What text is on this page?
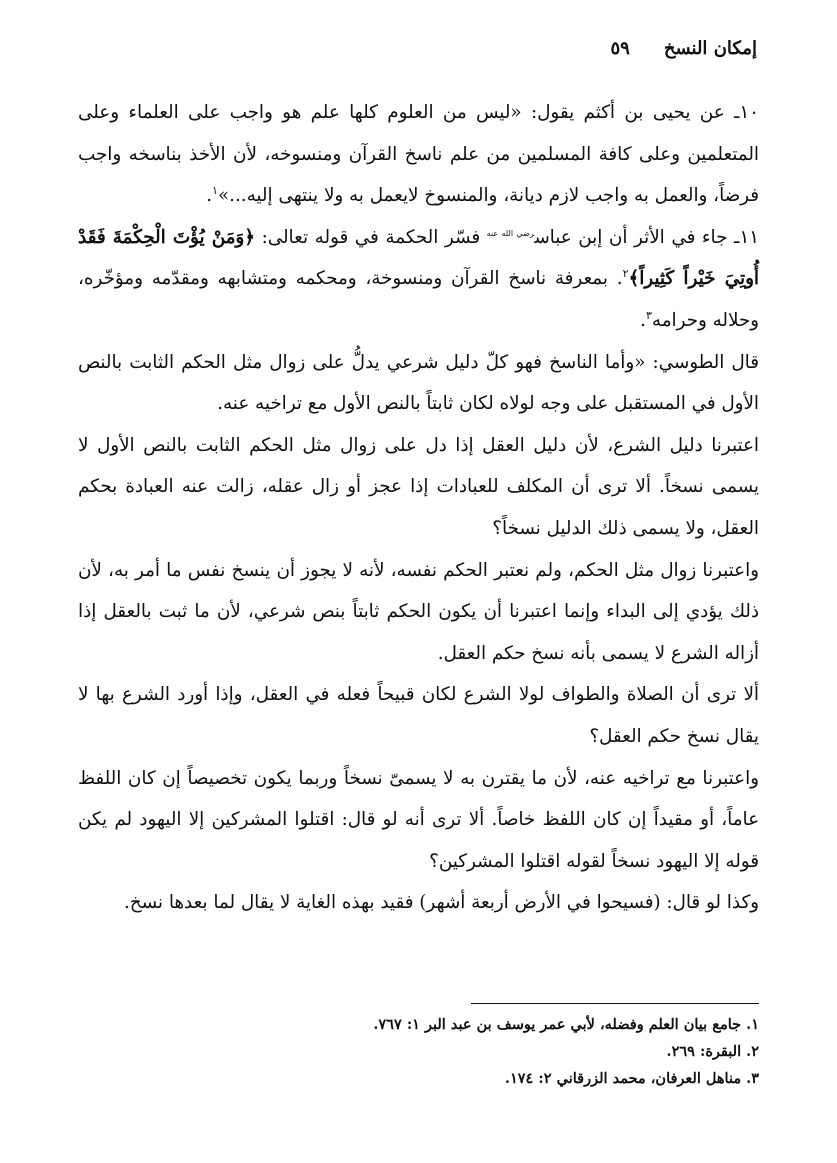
إمكان النسخ
٥٩

١٠ـ عن يحيى بن أكثم يقول: «ليس من العلوم كلها علم هو واجب على العلماء وعلى المتعلمين وعلى كافة المسلمين من علم ناسخ القرآن ومنسوخه، لأن الأخذ بناسخه واجب فرضاً، والعمل به واجب لازم ديانة، والمنسوخ لايعمل به ولا ينتهى إليه...»$^١$.

١١ـ جاء في الأثر أن إبن عباس$^{رضي الله عنه}$ فسّر الحكمة في قوله تعالى: ﴿وَمَنْ يُؤْتَ الْحِكْمَةَ فَقَدْ أُوتِيَ خَيْراً كَثِيراً﴾$^٢$. بمعرفة ناسخ القرآن ومنسوخة، ومحكمه ومتشابهه ومقدّمه ومؤخّره، وحلاله وحرامه$^٣$.

قال الطوسي: «وأما الناسخ فهو كلّ دليل شرعي يدلُّ على زوال مثل الحكم الثابت بالنص الأول في المستقبل على وجه لولاه لكان ثابتاً بالنص الأول مع تراخيه عنه.

اعتبرنا دليل الشرع، لأن دليل العقل إذا دل على زوال مثل الحكم الثابت بالنص الأول لا يسمى نسخاً. ألا ترى أن المكلف للعبادات إذا عجز أو زال عقله، زالت عنه العبادة بحكم العقل، ولا يسمى ذلك الدليل نسخاً؟

واعتبرنا زوال مثل الحكم، ولم نعتبر الحكم نفسه، لأنه لا يجوز أن ينسخ نفس ما أمر به، لأن ذلك يؤدي إلى البداء وإنما اعتبرنا أن يكون الحكم ثابتاً بنص شرعي، لأن ما ثبت بالعقل إذا أزاله الشرع لا يسمى بأنه نسخ حكم العقل.

ألا ترى أن الصلاة والطواف لولا الشرع لكان قبيحاً فعله في العقل، وإذا أورد الشرع بها لا يقال نسخ حكم العقل؟

واعتبرنا مع تراخيه عنه، لأن ما يقترن به لا يسمىّ نسخاً وربما يكون تخصيصاً إن كان اللفظ عاماً، أو مقيداً إن كان اللفظ خاصاً. ألا ترى أنه لو قال: اقتلوا المشركين إلا اليهود لم يكن قوله إلا اليهود نسخاً لقوله اقتلوا المشركين؟

وكذا لو قال: (فسيحوا في الأرض أربعة أشهر) فقيد بهذه الغاية لا يقال لما بعدها نسخ.

١. جامع بيان العلم وفضله، لأبي عمر يوسف بن عبد البر ١: ٧٦٧.
٢. البقرة: ٢٦٩.
٣. مناهل العرفان، محمد الزرقاني ٢: ١٧٤.
